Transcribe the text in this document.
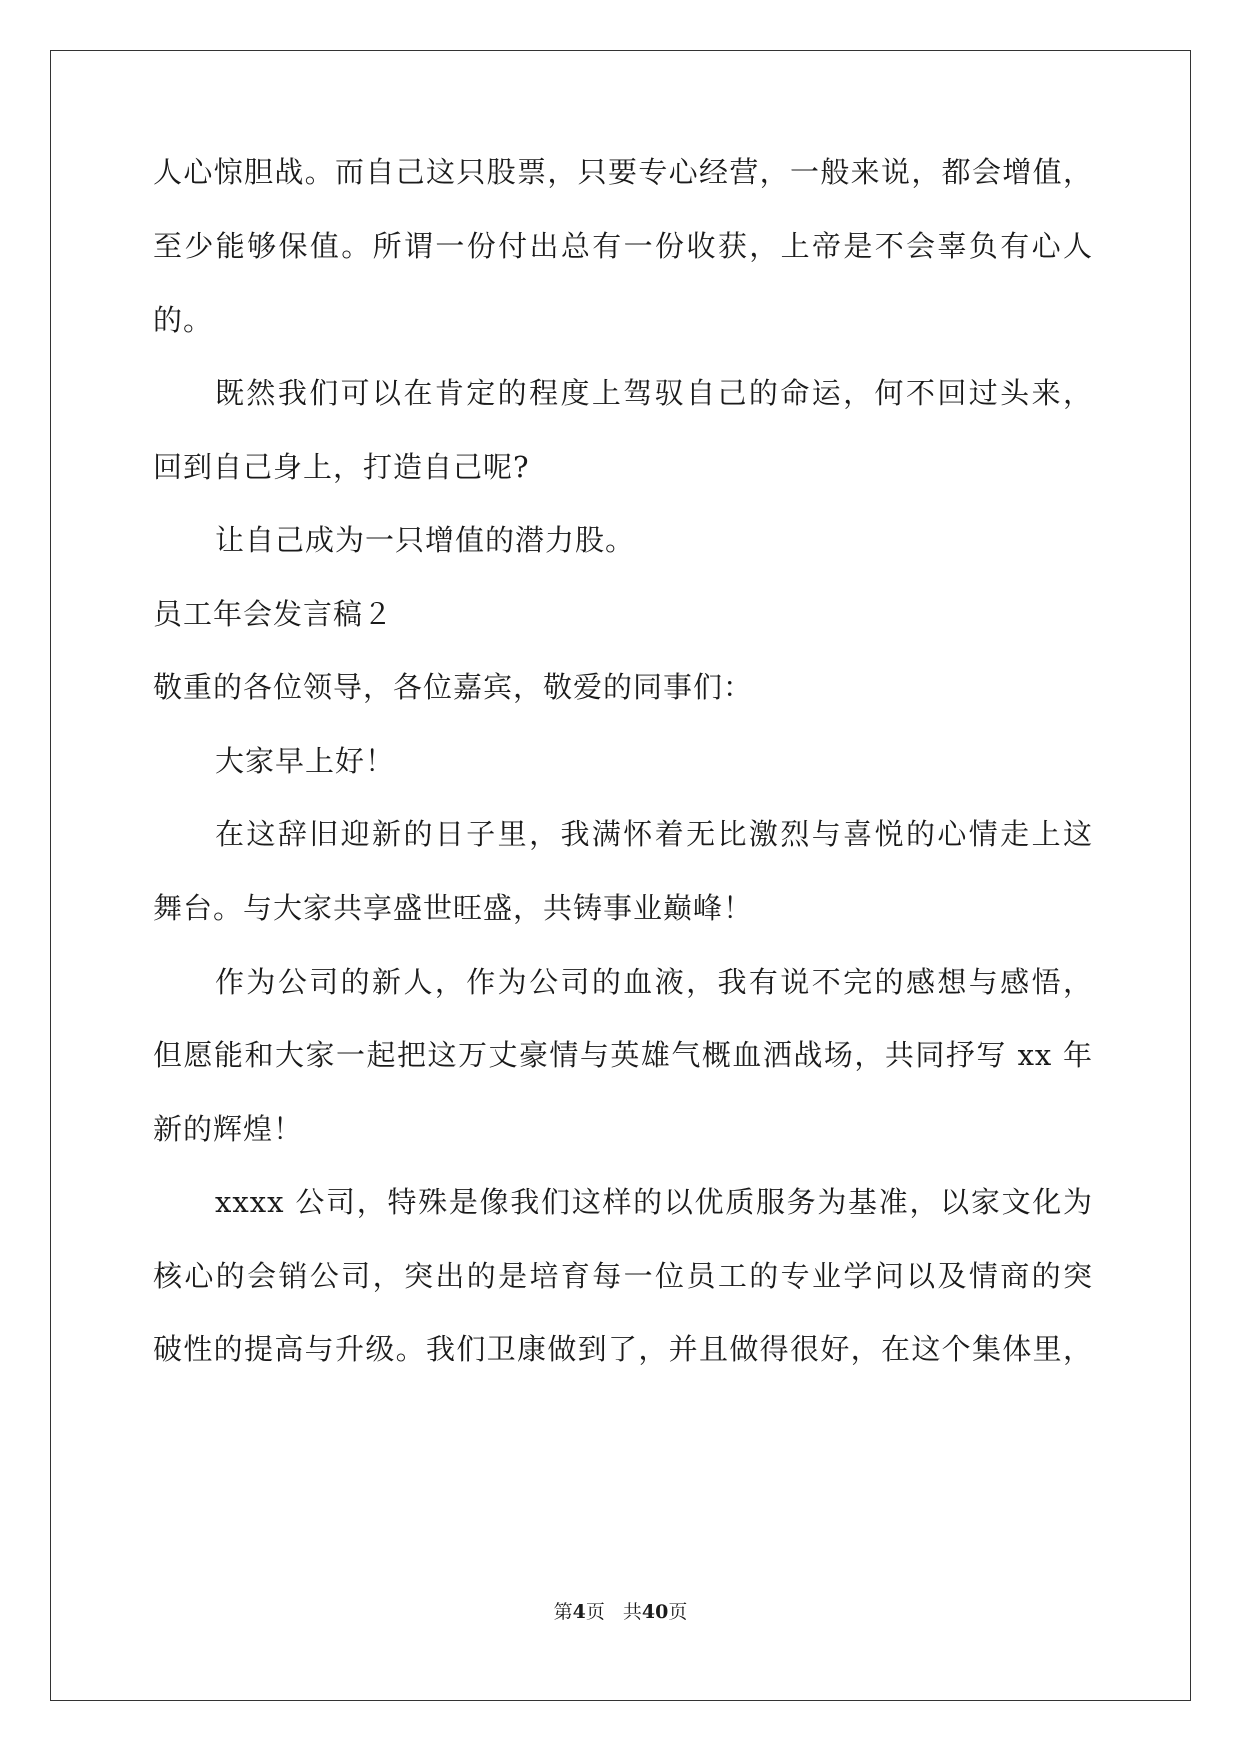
人心惊胆战。而自己这只股票，只要专心经营，一般来说，都会增值，
至少能够保值。所谓一份付出总有一份收获，上帝是不会辜负有心人
的。
既然我们可以在肯定的程度上驾驭自己的命运，何不回过头来，
回到自己身上，打造自己呢?
让自己成为一只增值的潜力股。
员工年会发言稿２
敬重的各位领导，各位嘉宾，敬爱的同事们：
大家早上好！
在这辞旧迎新的日子里，我满怀着无比激烈与喜悦的心情走上这
舞台。与大家共享盛世旺盛，共铸事业巅峰！
作为公司的新人，作为公司的血液，我有说不完的感想与感悟，
但愿能和大家一起把这万丈豪情与英雄气概血洒战场，共同抒写 xx 年
新的辉煌！
xxxx 公司，特殊是像我们这样的以优质服务为基准，以家文化为
核心的会销公司，突出的是培育每一位员工的专业学问以及情商的突
破性的提高与升级。我们卫康做到了，并且做得很好，在这个集体里，
第4页 共40页
